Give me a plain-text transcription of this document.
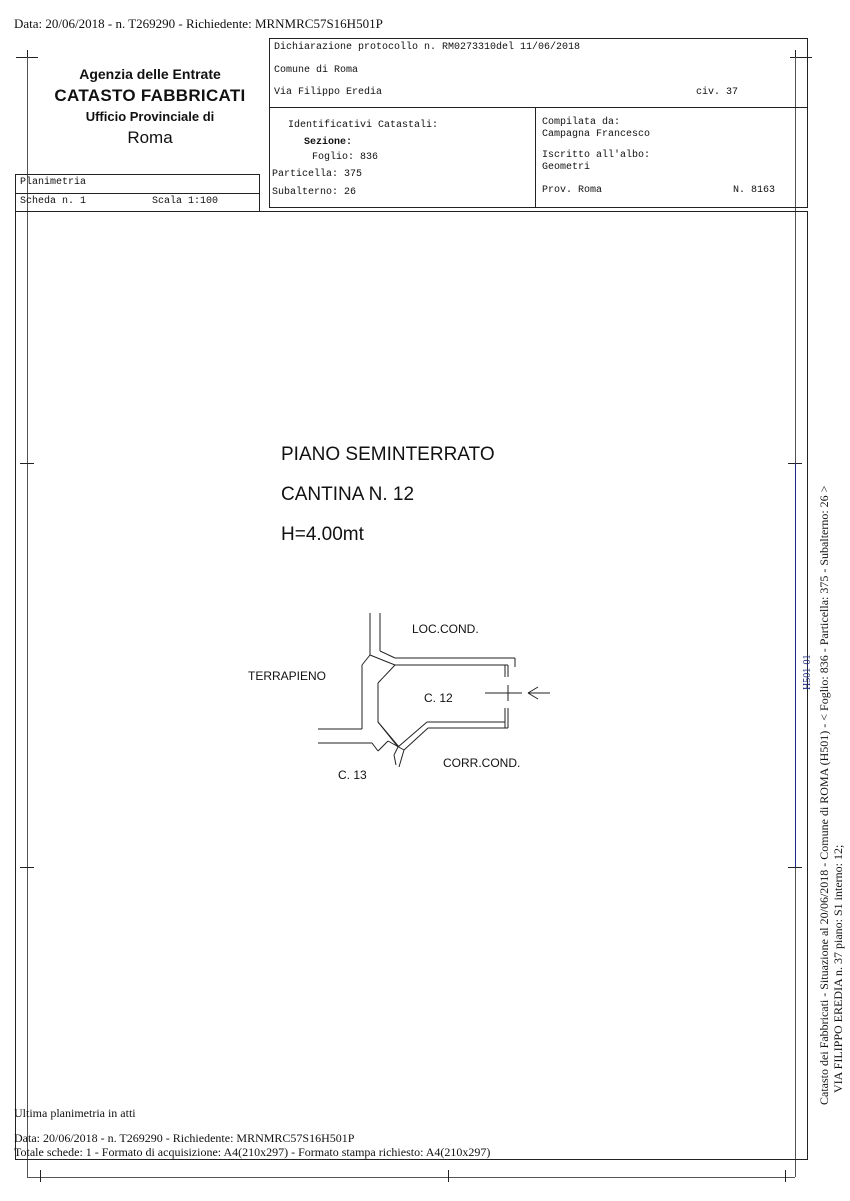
Data: 20/06/2018 - n. T269290 - Richiedente: MRNMRC57S16H501P
Agenzia delle Entrate
CATASTO FABBRICATI
Ufficio Provinciale di
Roma
Planimetria
Scheda n. 1	Scala 1:100
Dichiarazione protocollo n. RM0273310del 11/06/2018
Comune di Roma
Via Filippo Eredia	civ. 37
Identificativi Catastali:
Sezione:
Foglio: 836
Particella: 375
Subalterno: 26
Compilata da:
Campagna Francesco
Iscritto all'albo:
Geometri
Prov. Roma	N. 8163
PIANO SEMINTERRATO
CANTINA N. 12
H=4.00mt
LOC.COND.
TERRAPIENO
C. 12
CORR.COND.
C. 13	Catasto dei Fabbricati - Situazione al 20/06/2018 - Comune di ROMA (H501) - < Foglio: 836 - Particella: 375 - Subalterno: 26 > VIA FILIPPO EREDIA n. 37 piano: S1 interno: 12;
H501-01
Ultima planimetria in atti
Data: 20/06/2018 - n. T269290 - Richiedente: MRNMRC57S16H501P
Totale schede: 1 - Formato di acquisizione: A4(210x297) - Formato stampa richiesto: A4(210x297)
